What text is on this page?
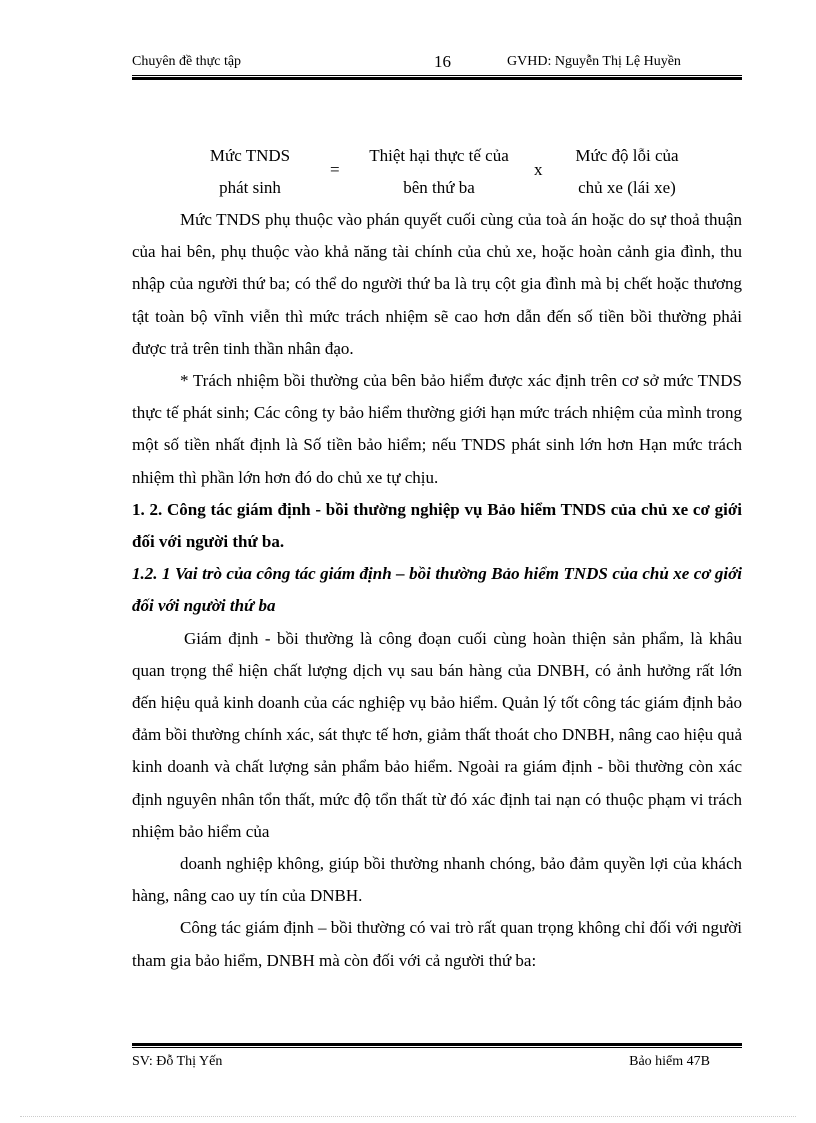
Chuyên đề thực tập	16	GVHD: Nguyễn Thị Lệ Huyền
Mức TNDS
phát sinh
=
Thiệt hại thực tế của
bên thứ ba
x
Mức độ lỗi của
chủ xe (lái xe)

Mức TNDS phụ thuộc vào phán quyết cuối cùng của toà án hoặc do sự thoả thuận của hai bên, phụ thuộc vào khả năng tài chính của chủ xe, hoặc hoàn cảnh gia đình, thu nhập của người thứ ba; có thể do người thứ ba là trụ cột gia đình mà bị chết hoặc thương tật toàn bộ vĩnh viễn thì mức trách nhiệm sẽ cao hơn dẫn đến số tiền bồi thường phải được trả trên tinh thần nhân đạo.

* Trách nhiệm bồi thường của bên bảo hiểm được xác định trên cơ sở mức TNDS thực tế phát sinh; Các công ty bảo hiểm thường giới hạn mức trách nhiệm của mình trong một số tiền nhất định là Số tiền bảo hiểm; nếu TNDS phát sinh lớn hơn Hạn mức trách nhiệm thì phần lớn hơn đó do chủ xe tự chịu.

1. 2. Công tác giám định - bồi thường nghiệp vụ Bảo hiểm TNDS của chủ xe cơ giới đối với người thứ ba.

1.2. 1 Vai trò của công tác giám định – bồi thường Bảo hiểm TNDS của chủ xe cơ giới đối với người thứ ba

Giám định - bồi thường là công đoạn cuối cùng hoàn thiện sản phẩm, là khâu quan trọng thể hiện chất lượng dịch vụ sau bán hàng của DNBH, có ảnh hưởng rất lớn đến hiệu quả kinh doanh của các nghiệp vụ bảo hiểm. Quản lý tốt công tác giám định bảo đảm bồi thường chính xác, sát thực tế hơn, giảm thất thoát cho DNBH, nâng cao hiệu quả kinh doanh và chất lượng sản phẩm bảo hiểm. Ngoài ra giám định - bồi thường còn xác định nguyên nhân tổn thất, mức độ tổn thất từ đó xác định tai nạn có thuộc phạm vi trách nhiệm bảo hiểm của

doanh nghiệp không, giúp bồi thường nhanh chóng, bảo đảm quyền lợi của khách hàng, nâng cao uy tín của DNBH.

Công tác giám định – bồi thường có vai trò rất quan trọng không chỉ đối với người tham gia bảo hiểm, DNBH mà còn đối với cả người thứ ba:

SV: Đỗ Thị Yến	Bảo hiểm 47B
